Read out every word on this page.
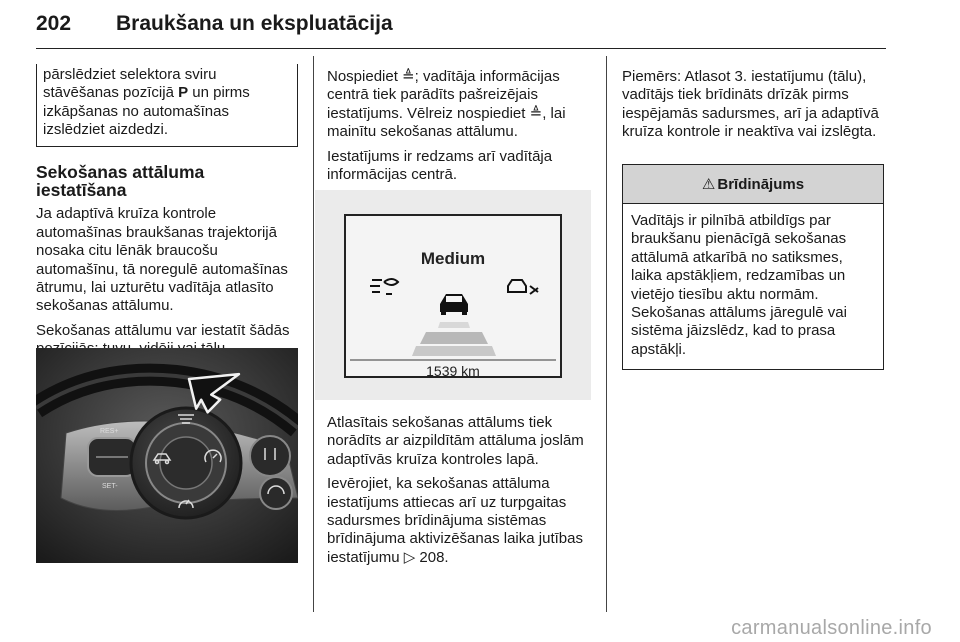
202 Braukšana un ekspluatācija
pārslēdziet selektora sviru stāvēšanas pozīcijā P un pirms izkāpšanas no automašīnas izslēdziet aizdedzi.
Sekošanas attāluma iestatīšana

Ja adaptīvā kruīza kontrole automašīnas braukšanas trajektorijā nosaka citu lēnāk braucošu automašīnu, tā noregulē automašīnas ātrumu, lai uzturētu vadītāja atlasīto sekošanas attālumu.

Sekošanas attālumu var iestatīt šādās

RES+
SET-

Nospiediet ≜; vadītāja informācijas centrā tiek parādīts pašreizējais iestatījums. Vēlreiz nospiediet ≜, lai mainītu sekošanas attālumu.

Iestatījums ir redzams arī vadītāja informācijas centrā.

Medium
1539 km

Atlasītais sekošanas attālums tiek norādīts ar aizpildītām attāluma joslām adaptīvās kruīza kontroles lapā.

Ievērojiet, ka sekošanas attāluma iestatījums attiecas arī uz turpgaitas sadursmes brīdinājuma sistēmas brīdinājuma aktivizēšanas laika jutības iestatījumu ▷ 208.

Piemērs: Atlasot 3. iestatījumu (tālu), vadītājs tiek brīdināts drīzāk pirms iespējamās sadursmes, arī ja adaptīvā kruīza kontrole ir neaktīva vai izslēgta.

⚠ Brīdinājums
Vadītājs ir pilnībā atbildīgs par braukšanu pienācīgā sekošanas attālumā atkarībā no satiksmes, laika apstākļiem, redzamības un vietējo tiesību aktu normām. Sekošanas attālums jāregulē vai sistēma jāizslēdz, kad to prasa apstākļi.
carmanualsonline.info
